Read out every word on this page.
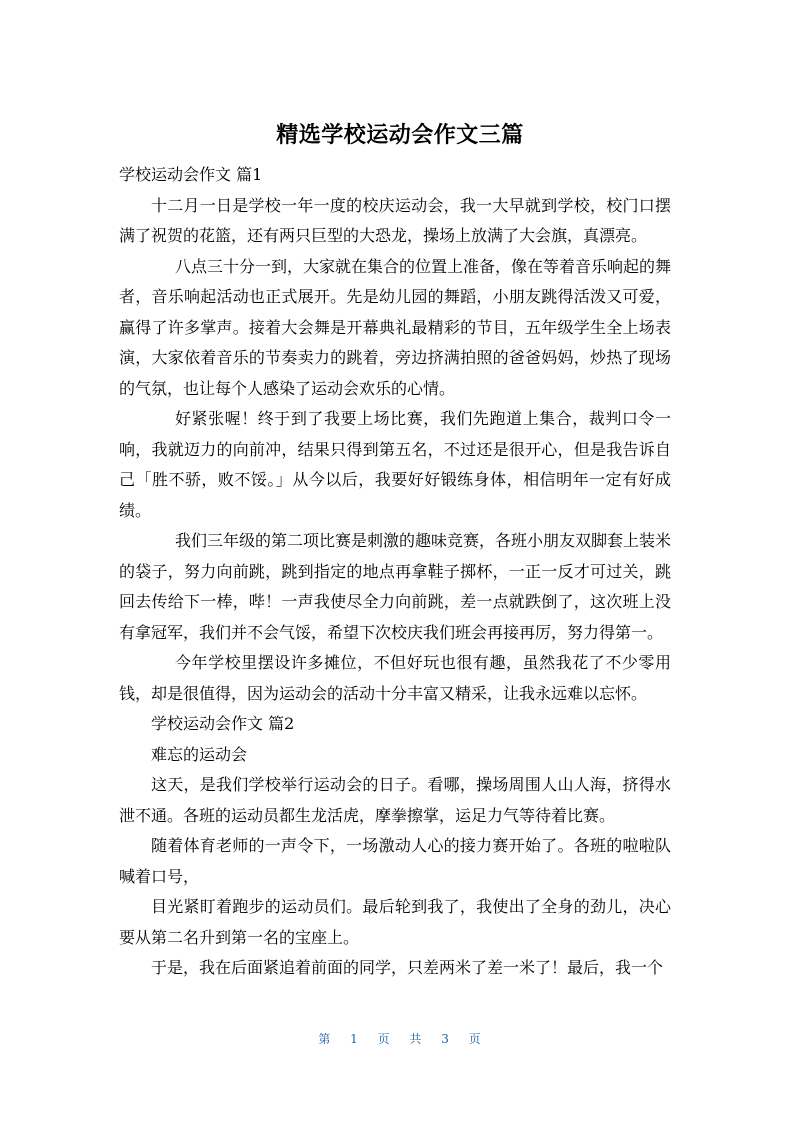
精选学校运动会作文三篇

学校运动会作文 篇1

十二月一日是学校一年一度的校庆运动会，我一大早就到学校，校门口摆满了祝贺的花篮，还有两只巨型的大恐龙，操场上放满了大会旗，真漂亮。

八点三十分一到，大家就在集合的位置上准备，像在等着音乐响起的舞者，音乐响起活动也正式展开。先是幼儿园的舞蹈，小朋友跳得活泼又可爱，赢得了许多掌声。接着大会舞是开幕典礼最精彩的节目，五年级学生全上场表演，大家依着音乐的节奏卖力的跳着，旁边挤满拍照的爸爸妈妈，炒热了现场的气氛，也让每个人感染了运动会欢乐的心情。

好紧张喔！终于到了我要上场比赛，我们先跑道上集合，裁判口令一响，我就迈力的向前冲，结果只得到第五名，不过还是很开心，但是我告诉自己「胜不骄，败不馁。」从今以后，我要好好锻练身体，相信明年一定有好成绩。

我们三年级的第二项比赛是刺激的趣味竞赛，各班小朋友双脚套上装米的袋子，努力向前跳，跳到指定的地点再拿鞋子掷杯，一正一反才可过关，跳回去传给下一棒，哔！一声我使尽全力向前跳，差一点就跌倒了，这次班上没有拿冠军，我们并不会气馁，希望下次校庆我们班会再接再厉，努力得第一。

今年学校里摆设许多摊位，不但好玩也很有趣，虽然我花了不少零用钱，却是很值得，因为运动会的活动十分丰富又精采，让我永远难以忘怀。

学校运动会作文 篇2

难忘的运动会

这天，是我们学校举行运动会的日子。看哪，操场周围人山人海，挤得水泄不通。各班的运动员都生龙活虎，摩拳擦掌，运足力气等待着比赛。

随着体育老师的一声令下，一场激动人心的接力赛开始了。各班的啦啦队喊着口号，

目光紧盯着跑步的运动员们。最后轮到我了，我使出了全身的劲儿，决心要从第二名升到第一名的宝座上。

于是，我在后面紧追着前面的同学，只差两米了差一米了！最后，我一个

第 1 页 共 3 页
